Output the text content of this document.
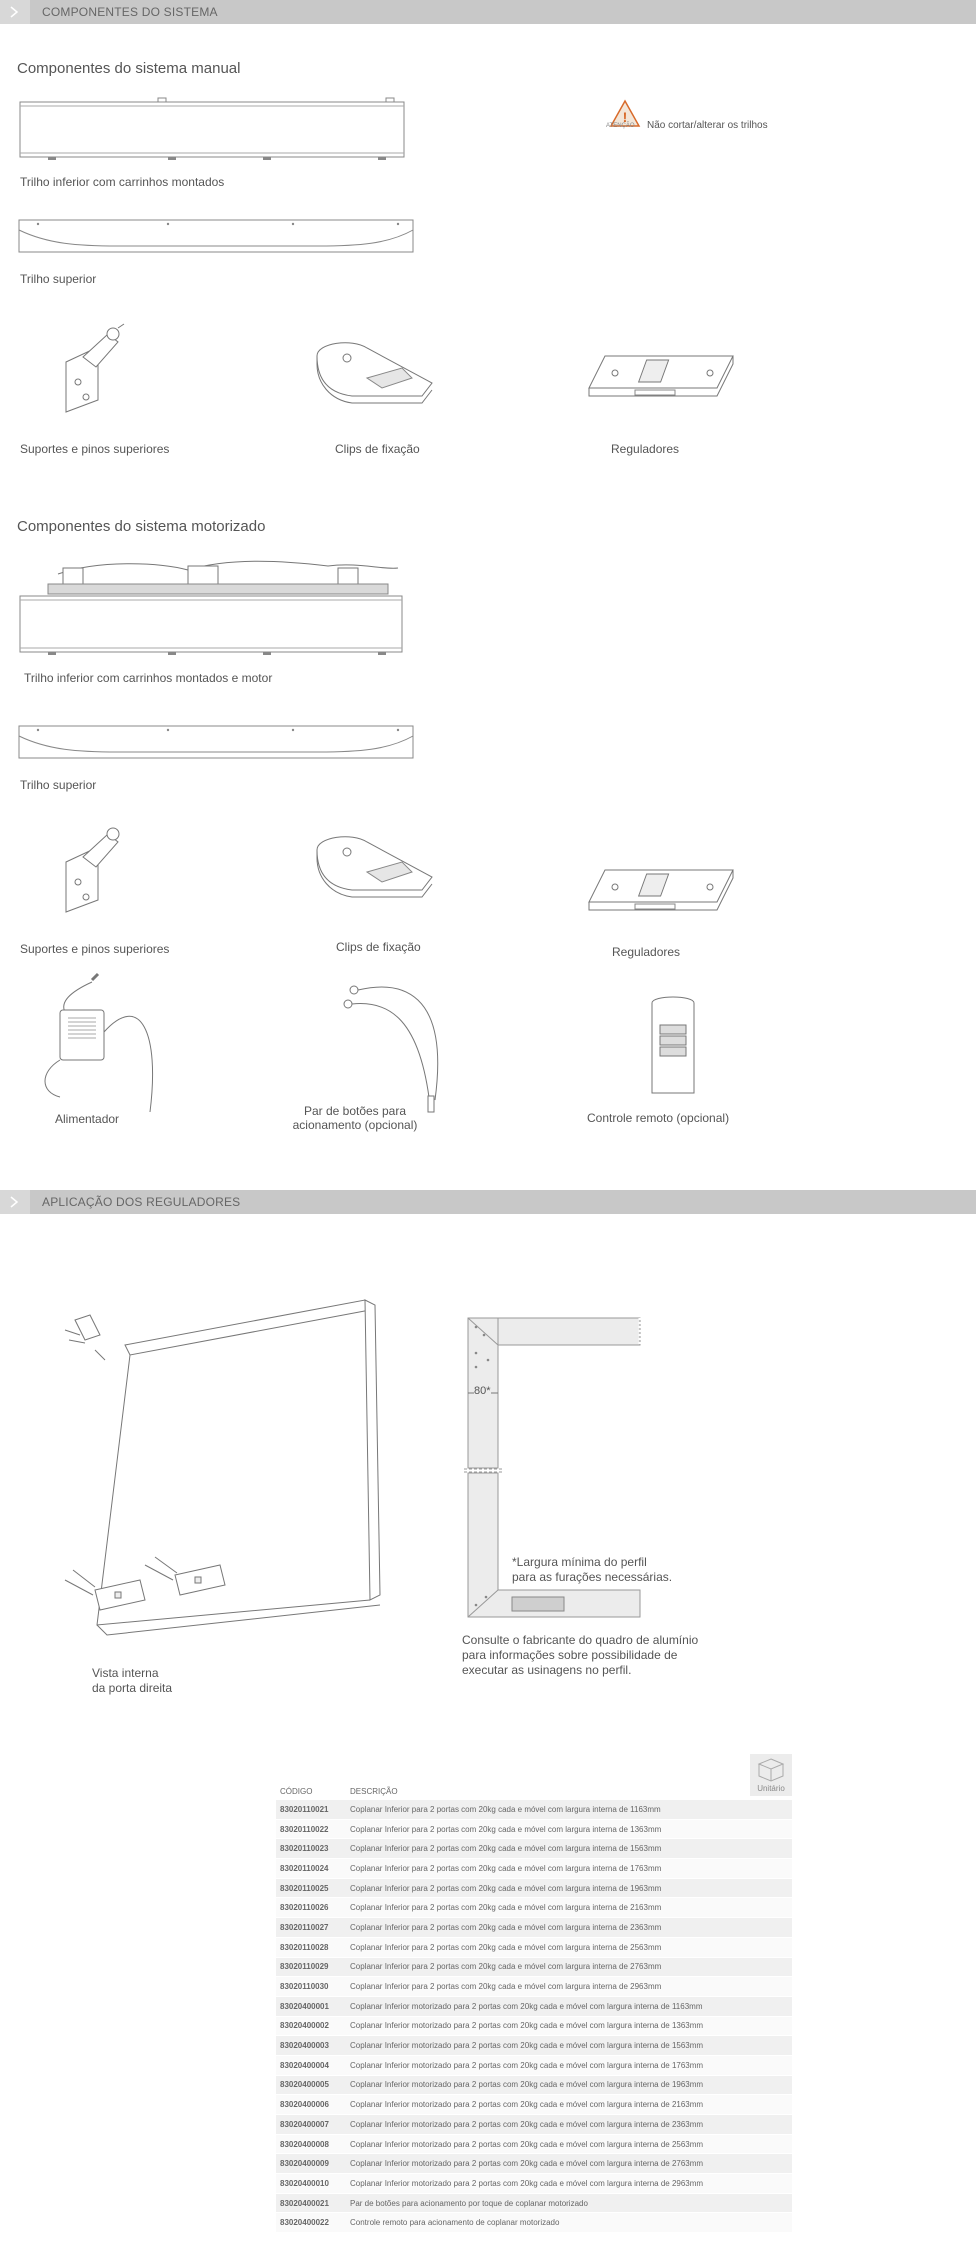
COMPONENTES DO SISTEMA
Componentes do sistema manual
Trilho inferior com carrinhos montados
!
ATENÇÃO Não cortar/alterar os trilhos
Trilho superior
Suportes e pinos superiores	Clips de fixação	Reguladores
Componentes do sistema motorizado
Trilho inferior com carrinhos montados e motor
Trilho superior
Suportes e pinos superiores	Clips de fixação	Reguladores
Alimentador
Par de botões para
acionamento (opcional)	Controle remoto (opcional)
APLICAÇÃO DOS REGULADORES
Vista interna
da porta direita
80*
*Largura mínima do perfil
para as furações necessárias.
Consulte o fabricante do quadro de alumínio
para informações sobre possibilidade de
executar as usinagens no perfil.
Unitário
CÓDIGO	DESCRIÇÃO
83020110021	Coplanar Inferior para 2 portas com 20kg cada e móvel com largura interna de 1163mm
83020110022	Coplanar Inferior para 2 portas com 20kg cada e móvel com largura interna de 1363mm
83020110023	Coplanar Inferior para 2 portas com 20kg cada e móvel com largura interna de 1563mm
83020110024	Coplanar Inferior para 2 portas com 20kg cada e móvel com largura interna de 1763mm
83020110025	Coplanar Inferior para 2 portas com 20kg cada e móvel com largura interna de 1963mm
83020110026	Coplanar Inferior para 2 portas com 20kg cada e móvel com largura interna de 2163mm
83020110027	Coplanar Inferior para 2 portas com 20kg cada e móvel com largura interna de 2363mm
83020110028	Coplanar Inferior para 2 portas com 20kg cada e móvel com largura interna de 2563mm
83020110029	Coplanar Inferior para 2 portas com 20kg cada e móvel com largura interna de 2763mm
83020110030	Coplanar Inferior para 2 portas com 20kg cada e móvel com largura interna de 2963mm
83020400001	Coplanar Inferior motorizado para 2 portas com 20kg cada e móvel com largura interna de 1163mm
83020400002	Coplanar Inferior motorizado para 2 portas com 20kg cada e móvel com largura interna de 1363mm
83020400003	Coplanar Inferior motorizado para 2 portas com 20kg cada e móvel com largura interna de 1563mm
83020400004	Coplanar Inferior motorizado para 2 portas com 20kg cada e móvel com largura interna de 1763mm
83020400005	Coplanar Inferior motorizado para 2 portas com 20kg cada e móvel com largura interna de 1963mm
83020400006	Coplanar Inferior motorizado para 2 portas com 20kg cada e móvel com largura interna de 2163mm
83020400007	Coplanar Inferior motorizado para 2 portas com 20kg cada e móvel com largura interna de 2363mm
83020400008	Coplanar Inferior motorizado para 2 portas com 20kg cada e móvel com largura interna de 2563mm
83020400009	Coplanar Inferior motorizado para 2 portas com 20kg cada e móvel com largura interna de 2763mm
83020400010	Coplanar Inferior motorizado para 2 portas com 20kg cada e móvel com largura interna de 2963mm
83020400021	Par de botões para acionamento por toque de coplanar motorizado
83020400022	Controle remoto para acionamento de coplanar motorizado
